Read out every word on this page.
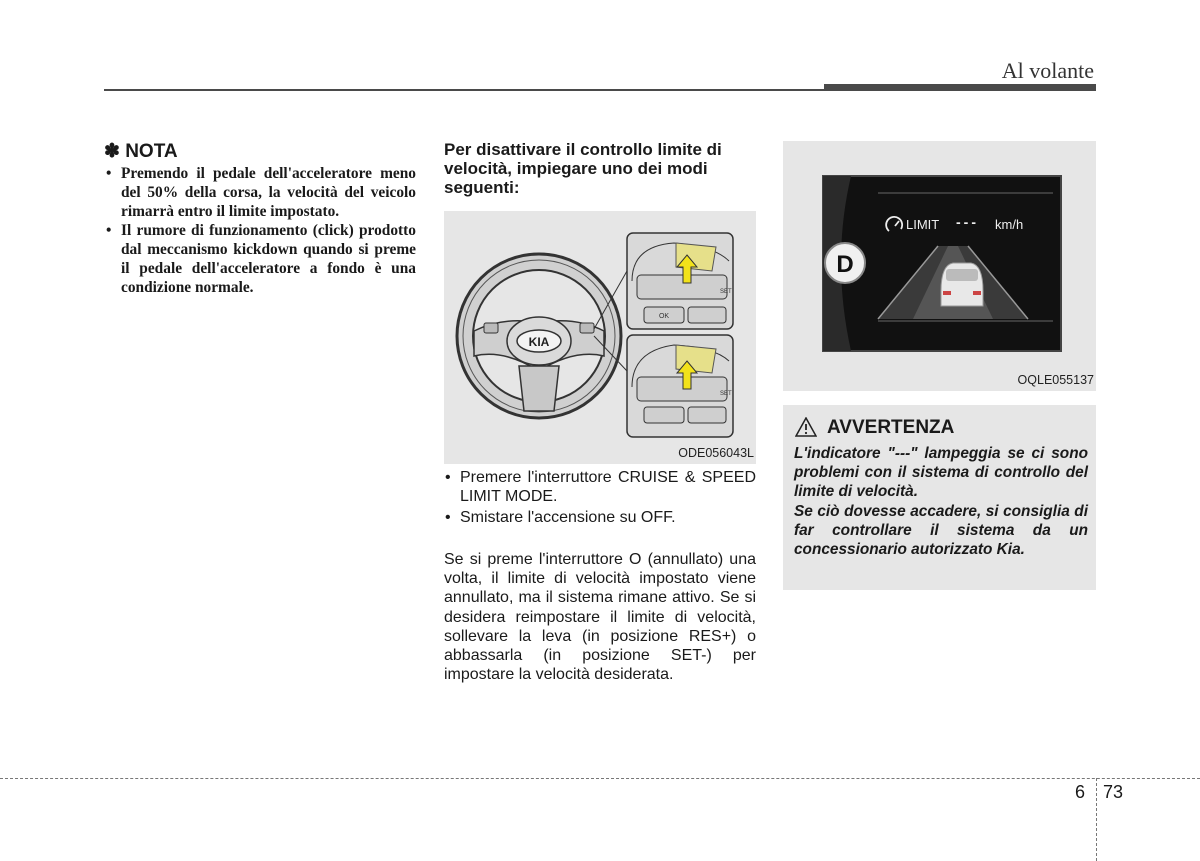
Al volante
✽ NOTA
• Premendo il pedale dell'acceleratore meno del 50% della corsa, la velocità del veicolo rimarrà entro il limite impostato.
• Il rumore di funzionamento (click) prodotto dal meccanismo kickdown quando si preme il pedale dell'acceleratore a fondo è una condizione normale.
Per disattivare il controllo limite di velocità, impiegare uno dei modi seguenti:
KIA
OK
SET
SET
ODE056043L
• Premere l'interruttore CRUISE & SPEED LIMIT MODE.
• Smistare l'accensione su OFF.

Se si preme l'interruttore O (annullato) una volta, il limite di velocità impostato viene annullato, ma il sistema rimane attivo. Se si desidera reimpostare il limite di velocità, sollevare la leva (in posizione RES+) o abbassarla (in posizione SET-) per impostare la velocità desiderata.

D
LIMIT --- km/h
OQLE055137
AVVERTENZA

L'indicatore "---" lampeggia se ci sono problemi con il sistema di controllo del limite di velocità.

Se ciò dovesse accadere, si consiglia di far controllare il sistema da un concessionario autorizzato Kia.

6 73
